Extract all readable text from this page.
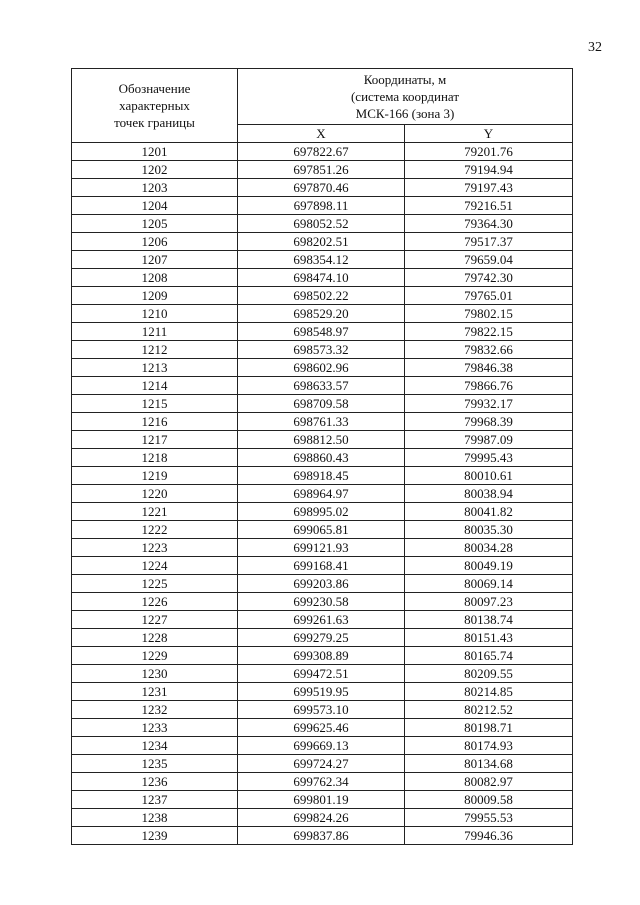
32
Обозначение
характерных
точек границы	Координаты, м
(система координат
МСК-166 (зона 3)	

	X	Y
1201	697822.67	79201.76
1202	697851.26	79194.94
1203	697870.46	79197.43
1204	697898.11	79216.51
1205	698052.52	79364.30
1206	698202.51	79517.37
1207	698354.12	79659.04
1208	698474.10	79742.30
1209	698502.22	79765.01
1210	698529.20	79802.15
1211	698548.97	79822.15
1212	698573.32	79832.66
1213	698602.96	79846.38
1214	698633.57	79866.76
1215	698709.58	79932.17
1216	698761.33	79968.39
1217	698812.50	79987.09
1218	698860.43	79995.43
1219	698918.45	80010.61
1220	698964.97	80038.94
1221	698995.02	80041.82
1222	699065.81	80035.30
1223	699121.93	80034.28
1224	699168.41	80049.19
1225	699203.86	80069.14
1226	699230.58	80097.23
1227	699261.63	80138.74
1228	699279.25	80151.43
1229	699308.89	80165.74
1230	699472.51	80209.55
1231	699519.95	80214.85
1232	699573.10	80212.52
1233	699625.46	80198.71
1234	699669.13	80174.93
1235	699724.27	80134.68
1236	699762.34	80082.97
1237	699801.19	80009.58
1238	699824.26	79955.53
1239	699837.86	79946.36
